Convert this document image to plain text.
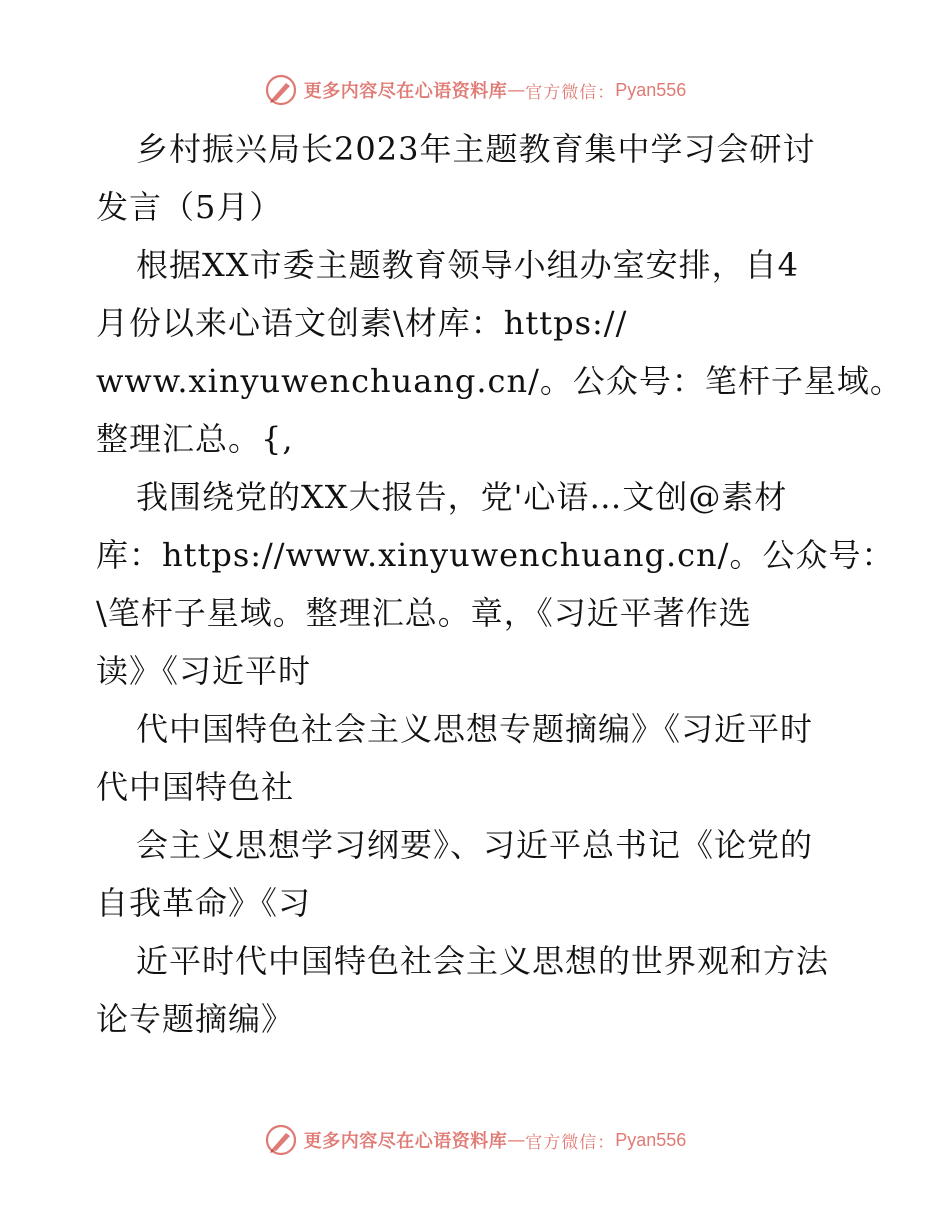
更多内容尽在心语资料库 — 官方微信： Pyan556
乡村振兴局长2023年主题教育集中学习会研讨
发言（5月）
根据XX市委主题教育领导小组办室安排，自4
月份以来心语文创素\材库：https://
www.xinyuwenchuang.cn/。公众号：笔杆子星域。
整理汇总。{,
我围绕党的XX大报告，党'心语…文创@素材
库：https://www.xinyuwenchuang.cn/。公众号：
\笔杆子星域。整理汇总。章，《习近平著作选
读》《习近平时
代中国特色社会主义思想专题摘编》《习近平时
代中国特色社
会主义思想学习纲要》、习近平总书记《论党的
自我革命》《习
近平时代中国特色社会主义思想的世界观和方法
论专题摘编》
更多内容尽在心语资料库 — 官方微信： Pyan556
